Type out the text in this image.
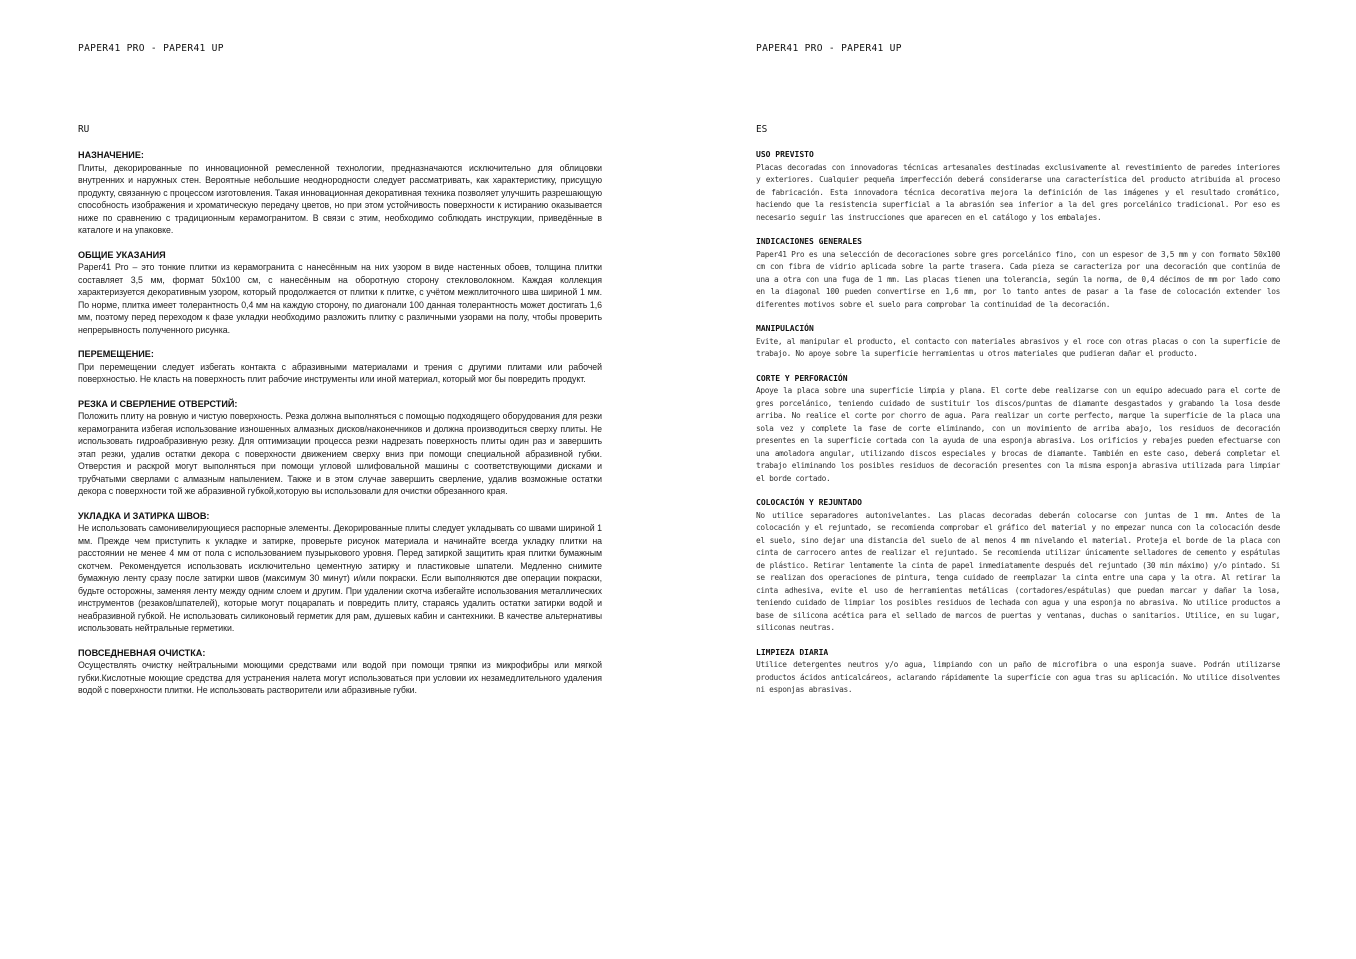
PAPER41 PRO - PAPER41 UP
RU
НАЗНАЧЕНИЕ:
Плиты, декорированные по инновационной ремесленной технологии, предназначаются исключительно для облицовки внутренних и наружных стен. Вероятные небольшие неоднородности следует рассматривать, как характеристику, присущую продукту, связанную с процессом изготовления. Такая инновационная декоративная техника позволяет улучшить разрешающую способность изображения и хроматическую передачу цветов, но при этом устойчивость поверхности к истиранию оказывается ниже по сравнению с традиционным керамогранитом. В связи с этим, необходимо соблюдать инструкции, приведённые в каталоге и на упаковке.
ОБЩИЕ УКАЗАНИЯ
Paper41 Pro – это тонкие плитки из керамогранита с нанесённым на них узором в виде настенных обоев, толщина плитки составляет 3,5 мм, формат 50x100 см, с нанесённым на оборотную сторону стекловолокном. Каждая коллекция характеризуется декоративным узором, который продолжается от плитки к плитке, с учётом межплиточного шва шириной 1 мм. По норме, плитка имеет толерантность 0,4 мм на каждую сторону, по диагонали 100 данная толерантность может достигать 1,6 мм, поэтому перед переходом к фазе укладки необходимо разложить плитку с различными узорами на полу, чтобы проверить непрерывность полученного рисунка.
ПЕРЕМЕЩЕНИЕ:
При перемещении следует избегать контакта с абразивными материалами и трения с другими плитами или рабочей поверхностью. Не класть на поверхность плит рабочие инструменты или иной материал, который мог бы повредить продукт.
РЕЗКА И СВЕРЛЕНИЕ ОТВЕРСТИЙ:
Положить плиту на ровную и чистую поверхность. Резка должна выполняться с помощью подходящего оборудования для резки керамогранита избегая использование изношенных алмазных дисков/наконечников и должна производиться сверху плиты. Не использовать гидроабразивную резку. Для оптимизации процесса резки надрезать поверхность плиты один раз и завершить этап резки, удалив остатки декора с поверхности движением сверху вниз при помощи специальной абразивной губки. Отверстия и раскрой могут выполняться при помощи угловой шлифовальной машины с соответствующими дисками и трубчатыми сверлами с алмазным напылением. Также и в этом случае завершить сверление, удалив возможные остатки декора с поверхности той же абразивной губкой,которую вы использовали для очистки обрезанного края.
УКЛАДКА И ЗАТИРКА ШВОВ:
Не использовать самонивелирующиеся распорные элементы. Декорированные плиты следует укладывать со швами шириной 1 мм. Прежде чем приступить к укладке и затирке, проверьте рисунок материала и начинайте всегда укладку плитки на расстоянии не менее 4 мм от пола с использованием пузырькового уровня. Перед затиркой защитить края плитки бумажным скотчем. Рекомендуется использовать исключительно цементную затирку и пластиковые шпатели. Медленно снимите бумажную ленту сразу после затирки швов (максимум 30 минут) и/или покраски. Если выполняются две операции покраски, будьте осторожны, заменяя ленту между одним слоем и другим. При удалении скотча избегайте использования металлических инструментов (резаков/шпателей), которые могут поцарапать и повредить плиту, стараясь удалить остатки затирки водой и неабразивной губкой. Не использовать силиконовый герметик для рам, душевых кабин и сантехники. В качестве альтернативы использовать нейтральные герметики.
ПОВСЕДНЕВНАЯ ОЧИСТКА:
Осуществлять очистку нейтральными моющими средствами или водой при помощи тряпки из микрофибры или мягкой губки.Кислотные моющие средства для устранения налета могут использоваться при условии их незамедлительного удаления водой с поверхности плитки. Не использовать растворители или абразивные губки.
PAPER41 PRO - PAPER41 UP
ES
USO PREVISTO
Placas decoradas con innovadoras técnicas artesanales destinadas exclusivamente al revestimiento de paredes interiores y exteriores. Cualquier pequeña imperfección deberá considerarse una característica del producto atribuida al proceso de fabricación. Esta innovadora técnica decorativa mejora la definición de las imágenes y el resultado cromático, haciendo que la resistencia superficial a la abrasión sea inferior a la del gres porcelánico tradicional. Por eso es necesario seguir las instrucciones que aparecen en el catálogo y los embalajes.
INDICACIONES GENERALES
Paper41 Pro es una selección de decoraciones sobre gres porcelánico fino, con un espesor de 3,5 mm y con formato 50x100 cm con fibra de vidrio aplicada sobre la parte trasera. Cada pieza se caracteriza por una decoración que continúa de una a otra con una fuga de 1 mm. Las placas tienen una tolerancia, según la norma, de 0,4 décimos de mm por lado como en la diagonal 100 pueden convertirse en 1,6 mm, por lo tanto antes de pasar a la fase de colocación extender los diferentes motivos sobre el suelo para comprobar la continuidad de la decoración.
MANIPULACIÓN
Evite, al manipular el producto, el contacto con materiales abrasivos y el roce con otras placas o con la superficie de trabajo. No apoye sobre la superficie herramientas u otros materiales que pudieran dañar el producto.
CORTE Y PERFORACIÓN
Apoye la placa sobre una superficie limpia y plana. El corte debe realizarse con un equipo adecuado para el corte de gres porcelánico, teniendo cuidado de sustituir los discos/puntas de diamante desgastados y grabando la losa desde arriba. No realice el corte por chorro de agua. Para realizar un corte perfecto, marque la superficie de la placa una sola vez y complete la fase de corte eliminando, con un movimiento de arriba abajo, los residuos de decoración presentes en la superficie cortada con la ayuda de una esponja abrasiva. Los orificios y rebajes pueden efectuarse con una amoladora angular, utilizando discos especiales y brocas de diamante. También en este caso, deberá completar el trabajo eliminando los posibles residuos de decoración presentes con la misma esponja abrasiva utilizada para limpiar el borde cortado.
COLOCACIÓN Y REJUNTADO
No utilice separadores autonivelantes. Las placas decoradas deberán colocarse con juntas de 1 mm. Antes de la colocación y el rejuntado, se recomienda comprobar el gráfico del material y no empezar nunca con la colocación desde el suelo, sino dejar una distancia del suelo de al menos 4 mm nivelando el material. Proteja el borde de la placa con cinta de carrocero antes de realizar el rejuntado. Se recomienda utilizar únicamente selladores de cemento y espátulas de plástico. Retirar lentamente la cinta de papel inmediatamente después del rejuntado (30 min máximo) y/o pintado. Si se realizan dos operaciones de pintura, tenga cuidado de reemplazar la cinta entre una capa y la otra. Al retirar la cinta adhesiva, evite el uso de herramientas metálicas (cortadores/espátulas) que puedan marcar y dañar la losa, teniendo cuidado de limpiar los posibles residuos de lechada con agua y una esponja no abrasiva. No utilice productos a base de silicona acética para el sellado de marcos de puertas y ventanas, duchas o sanitarios. Utilice, en su lugar, siliconas neutras.
LIMPIEZA DIARIA
Utilice detergentes neutros y/o agua, limpiando con un paño de microfibra o una esponja suave. Podrán utilizarse productos ácidos anticalcáreos, aclarando rápidamente la superficie con agua tras su aplicación. No utilice disolventes ni esponjas abrasivas.
